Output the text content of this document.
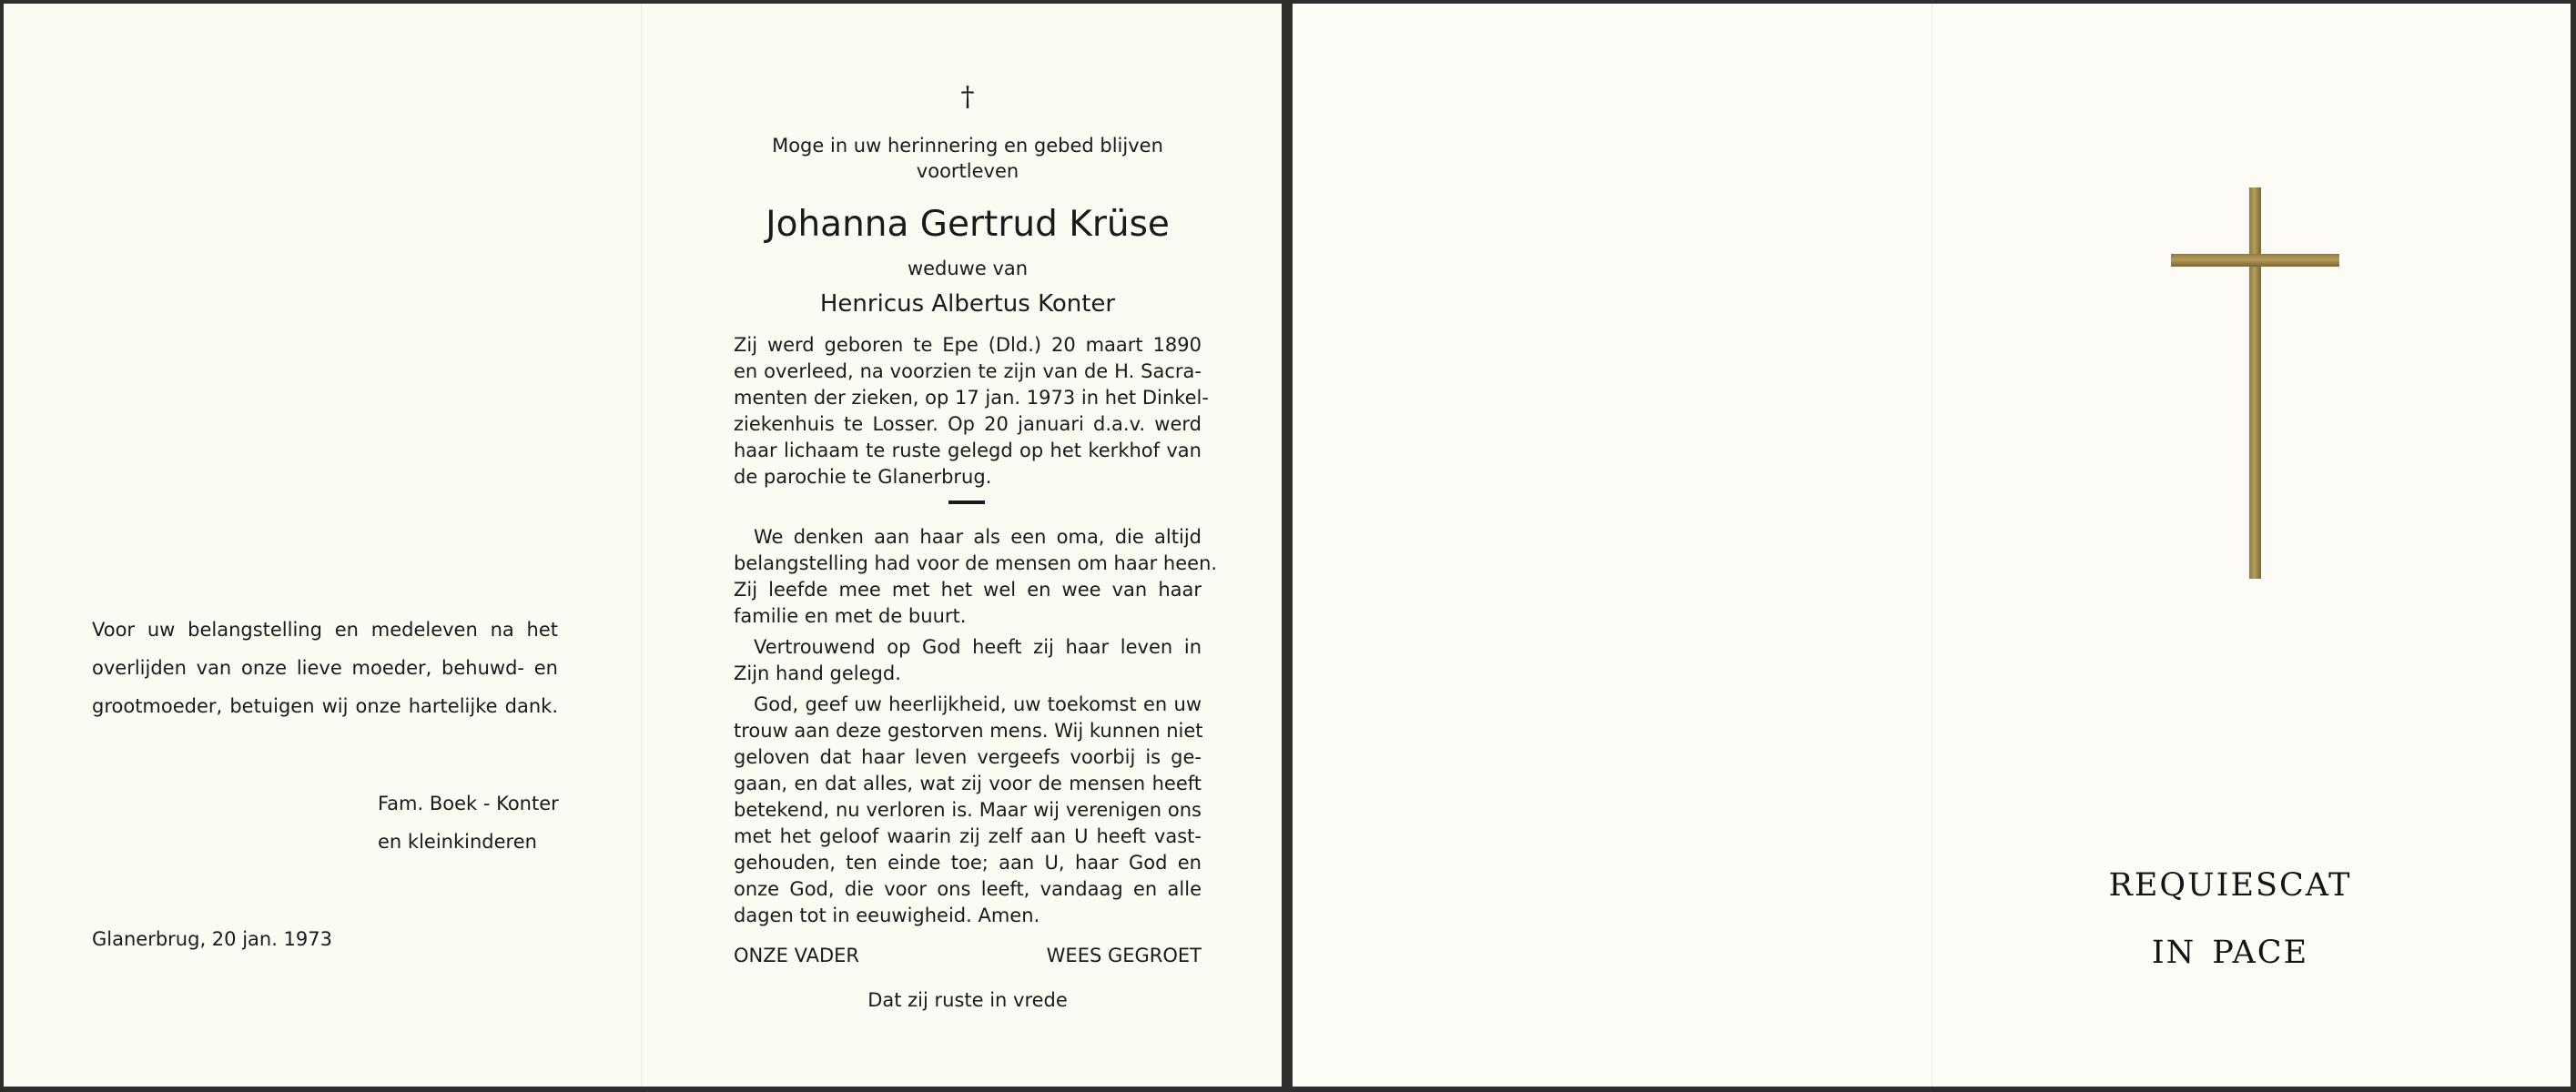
Voor uw belangstelling en medeleven na het

overlijden van onze lieve moeder, behuwd- en

grootmoeder, betuigen wij onze hartelijke dank.

Fam. Boek - Konter

en kleinkinderen

Glanerbrug, 20 jan. 1973

†

Moge in uw herinnering en gebed blijven

voortleven

Johanna Gertrud Krüse

weduwe van

Henricus Albertus Konter

Zij werd geboren te Epe (Dld.) 20 maart 1890

en overleed, na voorzien te zijn van de H. Sacra-

menten der zieken, op 17 jan. 1973 in het Dinkel-

ziekenhuis te Losser. Op 20 januari d.a.v. werd

haar lichaam te ruste gelegd op het kerkhof van

de parochie te Glanerbrug.

We denken aan haar als een oma, die altijd

belangstelling had voor de mensen om haar heen.

Zij leefde mee met het wel en wee van haar

familie en met de buurt.

Vertrouwend op God heeft zij haar leven in

Zijn hand gelegd.

God, geef uw heerlijkheid, uw toekomst en uw

trouw aan deze gestorven mens. Wij kunnen niet

geloven dat haar leven vergeefs voorbij is ge-

gaan, en dat alles, wat zij voor de mensen heeft

betekend, nu verloren is. Maar wij verenigen ons

met het geloof waarin zij zelf aan U heeft vast-

gehouden, ten einde toe; aan U, haar God en

onze God, die voor ons leeft, vandaag en alle

dagen tot in eeuwigheid. Amen.

ONZE VADER	WEES GEGROET

Dat zij ruste in vrede

requiescat

in pace
